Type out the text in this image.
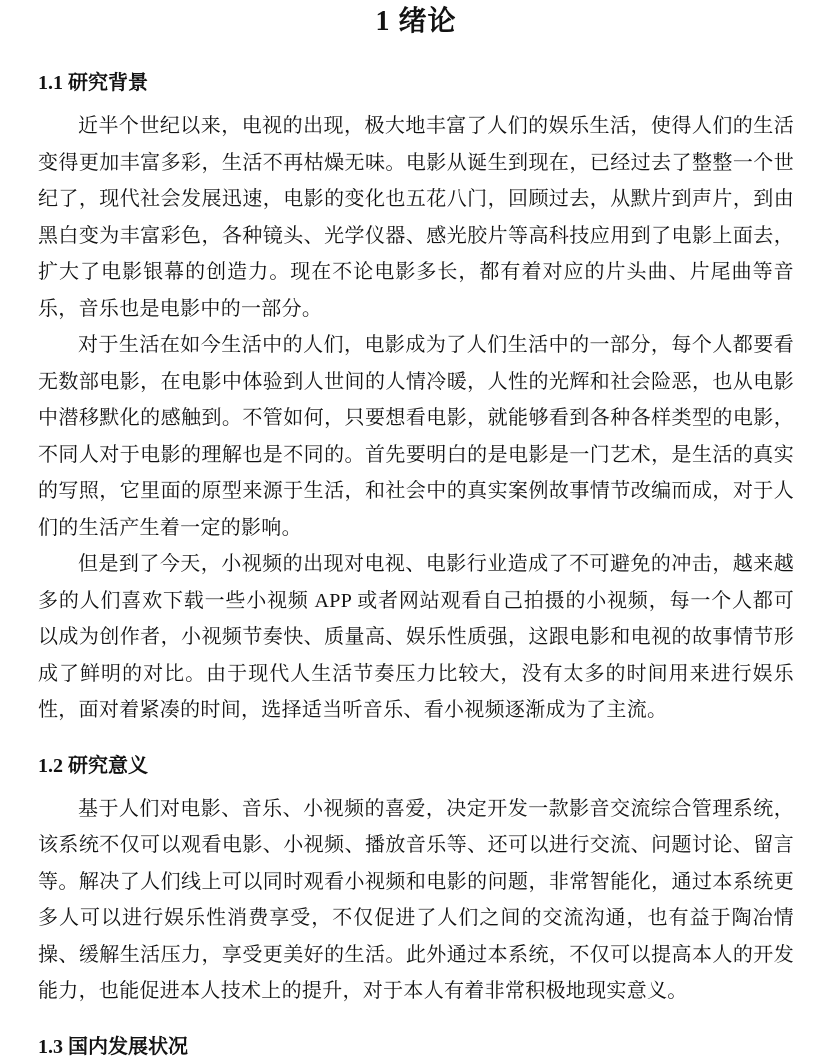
1 绪论
1.1 研究背景

近半个世纪以来，电视的出现，极大地丰富了人们的娱乐生活，使得人们的生活变得更加丰富多彩，生活不再枯燥无味。电影从诞生到现在，已经过去了整整一个世纪了，现代社会发展迅速，电影的变化也五花八门，回顾过去，从默片到声片，到由黑白变为丰富彩色，各种镜头、光学仪器、感光胶片等高科技应用到了电影上面去，扩大了电影银幕的创造力。现在不论电影多长，都有着对应的片头曲、片尾曲等音乐，音乐也是电影中的一部分。

对于生活在如今生活中的人们，电影成为了人们生活中的一部分，每个人都要看无数部电影，在电影中体验到人世间的人情冷暖，人性的光辉和社会险恶，也从电影中潜移默化的感触到。不管如何，只要想看电影，就能够看到各种各样类型的电影，不同人对于电影的理解也是不同的。首先要明白的是电影是一门艺术，是生活的真实的写照，它里面的原型来源于生活，和社会中的真实案例故事情节改编而成，对于人们的生活产生着一定的影响。

但是到了今天，小视频的出现对电视、电影行业造成了不可避免的冲击，越来越多的人们喜欢下载一些小视频 APP 或者网站观看自己拍摄的小视频，每一个人都可以成为创作者，小视频节奏快、质量高、娱乐性质强，这跟电影和电视的故事情节形成了鲜明的对比。由于现代人生活节奏压力比较大，没有太多的时间用来进行娱乐性，面对着紧凑的时间，选择适当听音乐、看小视频逐渐成为了主流。

1.2 研究意义

基于人们对电影、音乐、小视频的喜爱，决定开发一款影音交流综合管理系统，该系统不仅可以观看电影、小视频、播放音乐等、还可以进行交流、问题讨论、留言等。解决了人们线上可以同时观看小视频和电影的问题，非常智能化，通过本系统更多人可以进行娱乐性消费享受，不仅促进了人们之间的交流沟通，也有益于陶冶情操、缓解生活压力，享受更美好的生活。此外通过本系统，不仅可以提高本人的开发能力，也能促进本人技术上的提升，对于本人有着非常积极地现实意义。

1.3 国内发展状况
